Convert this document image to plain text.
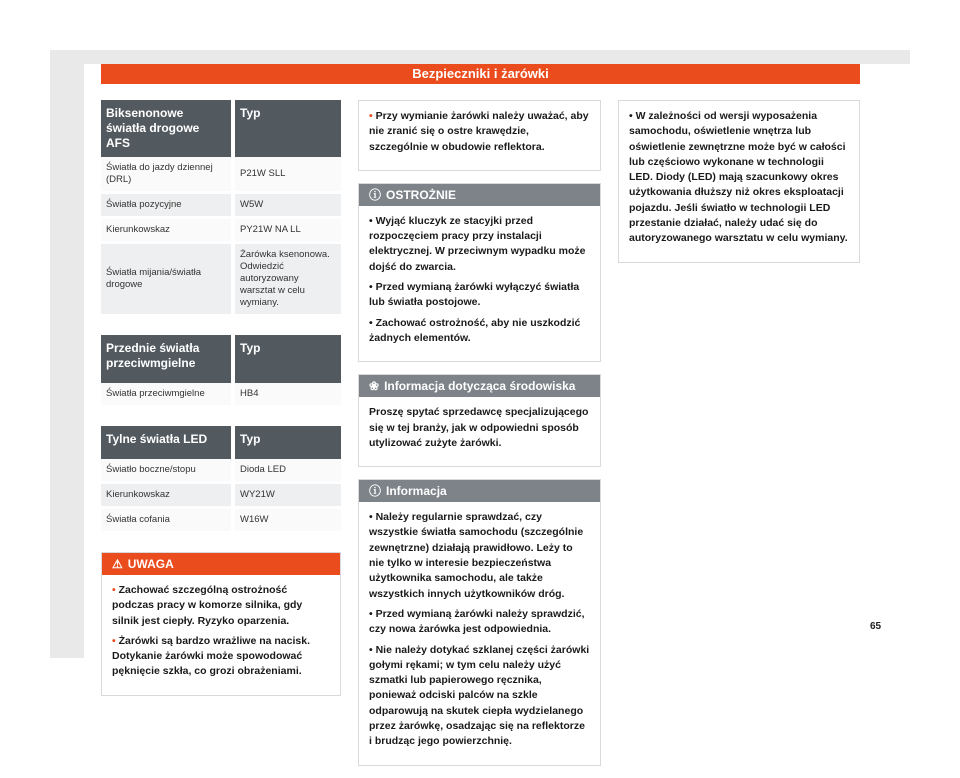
Bezpieczniki i żarówki
Biksenonowe światła drogowe AFS	Typ
Światła do jazdy dziennej (DRL)	P21W SLL
Światła pozycyjne	W5W
Kierunkowskaz	PY21W NA LL
Światła mijania/światła drogowe	Żarówka ksenonowa. Odwiedzić autoryzowany warsztat w celu wymiany.
Przednie światła przeciwmgielne	Typ
Światła przeciwmgielne	HB4
Tylne światła LED	Typ
Światło boczne/stopu	Dioda LED
Kierunkowskaz	WY21W
Światła cofania	W16W
⚠ UWAGA

• Zachować szczególną ostrożność podczas pracy w komorze silnika, gdy silnik jest ciepły. Ryzyko oparzenia.

• Żarówki są bardzo wrażliwe na nacisk. Dotykanie żarówki może spowodować pęknięcie szkła, co grozi obrażeniami.

• Przy wymianie żarówki należy uważać, aby nie zranić się o ostre krawędzie, szczególnie w obudowie reflektora.

ⓘ OSTROŻNIE

• Wyjąć kluczyk ze stacyjki przed rozpoczęciem pracy przy instalacji elektrycznej. W przeciwnym wypadku może dojść do zwarcia.

• Przed wymianą żarówki wyłączyć światła lub światła postojowe.

• Zachować ostrożność, aby nie uszkodzić żadnych elementów.

❀ Informacja dotycząca środowiska

Proszę spytać sprzedawcę specjalizującego się w tej branży, jak w odpowiedni sposób utylizować zużyte żarówki.

ⓘ Informacja

• Należy regularnie sprawdzać, czy wszystkie światła samochodu (szczególnie zewnętrzne) działają prawidłowo. Leży to nie tylko w interesie bezpieczeństwa użytkownika samochodu, ale także wszystkich innych użytkowników dróg.

• Przed wymianą żarówki należy sprawdzić, czy nowa żarówka jest odpowiednia.

• Nie należy dotykać szklanej części żarówki gołymi rękami; w tym celu należy użyć szmatki lub papierowego ręcznika, ponieważ odciski palców na szkle odparowują na skutek ciepła wydzielanego przez żarówkę, osadzając się na reflektorze i brudząc jego powierzchnię.

• W zależności od wersji wyposażenia samochodu, oświetlenie wnętrza lub oświetlenie zewnętrzne może być w całości lub częściowo wykonane w technologii LED. Diody (LED) mają szacunkowy okres użytkowania dłuższy niż okres eksploatacji pojazdu. Jeśli światło w technologii LED przestanie działać, należy udać się do autoryzowanego warsztatu w celu wymiany.

65
